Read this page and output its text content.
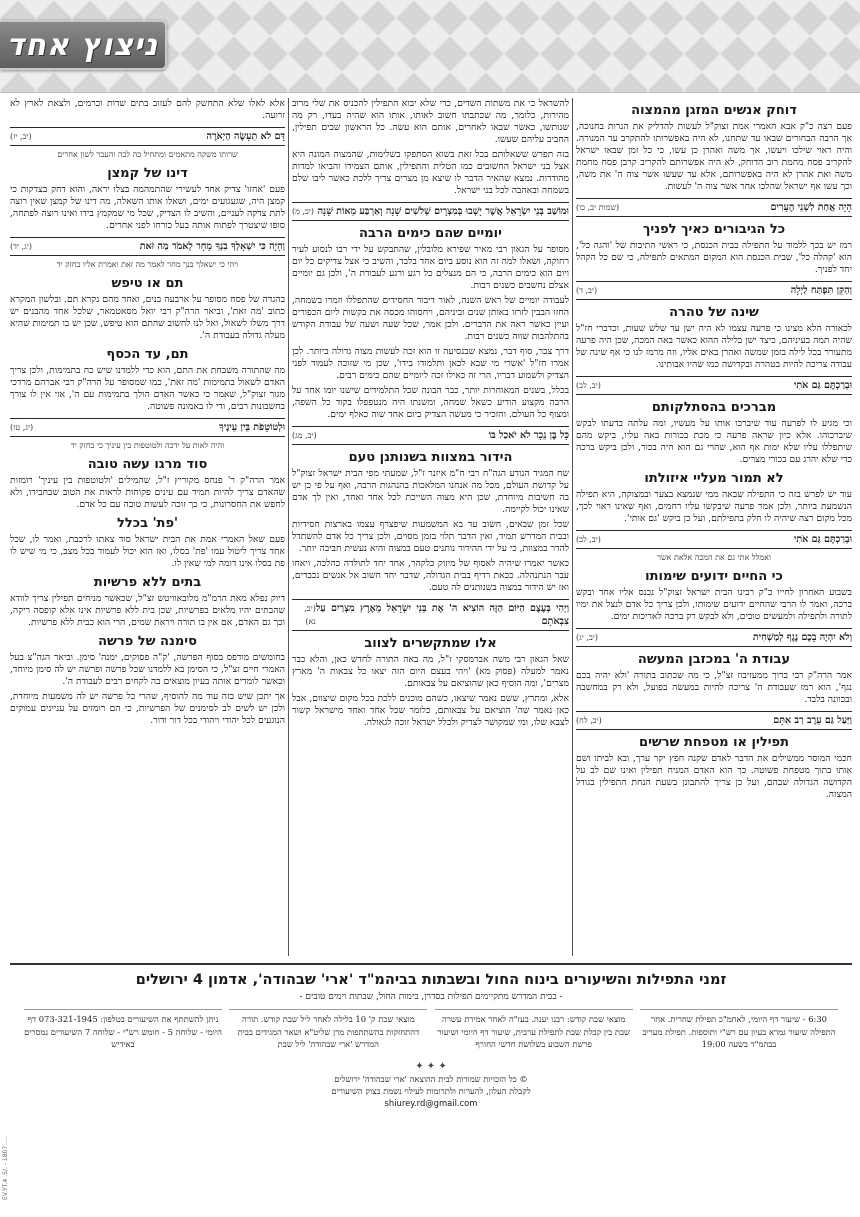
ניצוץ אחד
דוחק אנשים המזגן מהמצוה

פעם רצה כ"ק אבא האמרי אמת זצוק"ל לעשות להדליק את הנרות בחנוכה, אך הרבה הבחורים שבאו עד שתחנו, לא היה באפשרותו להתקרב עד המנורה. והיה ראוי שילכו ויעשו, אך משה ואהרן כן עשו, כי כל זמן שבאו ישראל להקריב פסח מחמת רוב הדוחק, לא היה אפשרותם להקריב קרבן פסח מחמת משה ואת אהרן לא היה באפשרותם, אלא עד שעשו אשר צוה ה' את משה, וכך עשו אף ישראל שהלכו אחר אשר צוה ה' לעשות.

הָיָה אֲחַת לִשְׁנֵי הֶעָרִים
(שמות יב, כו)
כל הגיבורים כאיך לפניך

רמז יש בכך ללמוד על התפילה בבית הכנסת, כי ראשי התיבות של 'והגה כל', הוא 'קהלה כל', שבית הכנסת הוא המקום המתאים לתפילה, כי שם כל הקהל יחד לפניך.

וְהַקֵּן תִּפְתַּח לַיְלָה
(יב, ד)
שינה של טהרה

לכאורה הלא מצינו כי פרעה עצמו לא היה ישן עד שלש שעות, וכדברי חז"ל שהיה תמה בעיניהם, כיצד ישן בלילה ההוא כאשר באה המכה, שכן היה פרעה מתעורר בכל לילה בזמן שמשה ואהרן באים אליו, וזה מרמז לנו כי אף שינה של עבודה צריכה להיות בטהרה ובקדושה כמו שהיו אבותינו.

וּבְרַכְתֶּם גַּם אֹתִי
(יב, לב)
מברכים בהסתלקותם

וכי מגיע לו לפרעה עוד שיברכו אותו על מעשיו, ומה עלתה בדעתו לבקש שיברכוהו. אלא כיון שראה פרעה כי מכת בכורות באה עליו, ביקש מהם שיתפללו עליו שלא ימות אף הוא, שהרי גם הוא היה בכור, ולכן ביקש ברכה כדי שלא יהרג עם בכורי מצרים.

לא תמור מעליי איזולתו

עוד יש לפרש בזה כי התפילה שבאה ממי שנמצא בצער ובמצוקה, היא תפילה הנשמעת ביותר, ולכן אמר פרעה שיבקשו עליו רחמים, ואף שאינו ראוי לכך, מכל מקום רצה שיהיה לו חלק בתפילתם, ועל כן ביקש 'גם אותי'.

וּבְרַכְתֶּם גַּם אֹתִי
(יב, לב)
ואמלל אתי גם את המכה אלאת אשר
כי החיים ידועים שימותו

בשבוע האחרון לחייו כ"ק רבינו הבית ישראל זצוק"ל נכנס אליו אחד ובקש ברכה, ואמר לו הרבי שהחיים ידועים שימותו, ולכן צריך כל אדם לנצל את ימיו לתורה ולתפילה ולמעשים טובים, ולא לבקש רק ברכה לאריכות ימים.

וְלֹא יִהְיֶה בָכֶם נֶגֶף לְמַשְׁחִית
(יב, יג)
עבודת ה' במכזבן המעשה

אמר הרה"ק רבי ברוך ממעזיבוז זצ"ל, כי מה שכתוב בתורה 'ולא יהיה בכם נגף', הוא רמז שעבודת ה' צריכה להיות במעשה בפועל, ולא רק במחשבה ובכוונה בלבד.

וַיַּעַל גַּם עֵרֶב רַב אִתָּם
(יב, לח)
תפילין או מטפחת שרשים

חכמי המוסר ממשילים את הדבר לאדם שקנה חפץ יקר ערך, ובא לביתו ושם אותו בתוך מטפחת פשוטה. כך הוא האדם המניח תפילין ואינו שם לב על הקדושה הגדולה שבהם, ועל כן צריך להתבונן בשעת הנחת התפילין בגודל המצוה.

להשראל כי את משתות השדים, כדי שלא יבוא התפילין להכניס את שלי מרוב מהירות, כלומר, מה שכתבתו חשוב לאותו, אותו הוא שהיה בעדו, רק מה שנותשו, כאשר שבאו לאחרים, אותם הוא עשה. כל הראשון שבים תפילין, החביב עליהם שעשו.

בזה תפרש ששאלותם בכל זאת בשוא הסתפקו בשלימות, שהמצוה המונה היא אצל בני ישראל החשובים כמו הטלית והתפילין, אותם הצמידו והביאו למדות מהודרות. נמצא שהאיר הדבר לו שיצא מן מצרים צריך ללכת כאשר ליבו שלם בשמחה ובאהבה לכל בני ישראל.

וּמוֹשַׁב בְּנֵי יִשְׂרָאֵל אֲשֶׁר יָשְׁבוּ בְּמִצְרָיִם שְׁלֹשִׁים שָׁנָה וְאַרְבַּע מֵאוֹת שָׁנָה
(יב, מ)
יומיים שהם כימים הרבה

מסופר על הגאון רבי מאיר שפירא מלובלין, שהתבקש על ידי רבו לנסוע לעיר רחוקה, ושאלו למה זה הוא נוסע ביום אחד בלבד, והשיב כי אצל צדיקים כל יום ויום הוא כימים הרבה, כי הם מנצלים כל רגע ורגע לעבודת ה', ולכן גם יומיים אצלם נחשבים כשנים רבות.

לעבודה יומיים של ראש השנה, לאור דיבור החסידים שהתפללו וזמרו בשמחה, החזו הבבין לזרזו באותן שנים וביניהם, ויחסוהו מכסה את בקשות ליום הכפורים ועיין כאשר ראה את הדברים. ולכן אמר, שכל שעה ושעה של עבודת הקודש בהתלהבות שווה כשנים רבות.

דרך צבר, סוף דבר, נמצא שבנסיעה זו הוא זכה לעשות מצוה גדולה ביותר. לכן אמרו חז"ל 'אשרי מי שבא לכאן ותלמודו בידו', שכן מי שזוכה לעמוד לפני הצדיק ולשמוע דבריו, הרי זה כאילו זכה ליומיים שהם כימים רבים.

בכלל, בשנים המאוחרות יותר, כבר הבונה שכל התלמידים שישנו יומו אחד על הרבה מקצוע הודיע כשאל שמחה, ומשנתו היה מנטפפלו בקוד כל השפה, ומצוף כל העולם. והזכיר כי מעשה הצדיק ביום אחד שוה כאלף ימים.

כָּל בֶּן נֵכָר לֹא יֹאכַל בּוֹ
(יב, מג)
הידור במצוות בשנותנן טעם

שח המגיד הנודע הגה"ח רבי ח"מ איזנר ז"ל, שמעתי מפי הבית ישראל זצוק"ל על קדושת העולם, מכל מה אנחנו המלאכות בהנהגות הרבה, ואף על פי כן יש בה חשיבות מיוחדת, שכן היא מצוה השייכת לכל אחד ואחד, ואין לך אדם שאינו יכול לקיימה.

שכל זמן שבאים, חשוב עד בא המשמעות שיפצרף עצמו בארצות חסידיות ובבית המדרש תמיד, ואין הדבר תלוי בזמן מסוים, ולכן צריך כל אדם להשתדל להדר במצוות, כי על ידי ההידור נותנים טעם במצוה והיא נעשית חביבה יותר.

כאשר יאמרו שיהיה לאסוף של מיזוק כלקהר, אחד יחד לתולדה כהלכה, ויאחו עבר הנתנהלה. ככאת רדיף בבית הגדולה, שדבר יחד חשוב אל אנשים נכבדים, ואז יש הידור במצוה בשנותנים לה טעם.

וַיְהִי בְּעֶצֶם הַיּוֹם הַזֶּה הוֹצִיא ה' אֶת בְּנֵי יִשְׂרָאֵל מֵאֶרֶץ מִצְרַיִם עַל צִבְאֹתָם
(יב, נא)
אלו שמתקשרים לצווב

שאל הגאון רבי משה אברמסקי ז"ל, מה באה התורה לחדש כאן, והלא כבר נאמר למעלה (פסוק מא) 'ויהי בעצם היום הזה יצאו כל צבאות ה' מארץ מצרים', ומה הוסיף כאן שהוציאם על צבאותם.

אלא, ומתרץ, ששם נאמר שיצאו, כשהם מוכנים ללכת בכל מקום שיצוום, אבל כאן נאמר שה' הוציאם על צבאותם, כלומר שכל אחד ואחד מישראל קשור לצבא שלו, ומי שמקושר לצדיק ולכלל ישראל זוכה לגאולה.

אלא לאלו שלא התחשק להם לעזוב בתים שדות וכרמים, ולצאת לארץ לא זרועה.

דָּם לֹא תֵעָשֶׂה הַיְאֹרֶה
(יב, יז)
שרותו משקה מתאמים ומתחיל כה לבה והעבר לשון אחרים
דינו של קמצן

פעם 'אחזו' צדיק אחד לעשירי שהתמהמה בצלו יראה, והוא דחק בצדקות כי קמצן היה, שגעגועים ימים, ושאלו אותו השאלה, מה דינו של קמצן שאין רוצה לתת צדקה לעניים, והשיב לו הצדיק, שכל מי שמקמץ בידו ואינו רוצה לפתחה, סופו שיצטרך לפתוח אותה בעל כורחו לפני אחרים.

וְהָיָה כִּי יִשְׁאָלְךָ בִנְךָ מָחָר לֵאמֹר מַה זֹּאת
(יג, יד)
ויהי כי ישאלך בנך מחר לאמר מה זאת ואמרת אליו בחזק יד
תם או טיפש

בהגדה של פסח מסופר על ארבעה בנים, ואחד מהם נקרא תם. ובלשון המקרא כתוב 'מה זאת', וביאר הרה"ק רבי יואל מסאטמאר, שלכל אחד מהבנים יש דרך משלו לשאול, ואל לנו לחשוב שהתם הוא טיפש, שכן יש בו תמימות שהיא מעלה גדולה בעבודת ה'.

תם, עד הכסף

מה שהתורה משבחת את התם, הוא כדי ללמדנו שיש כח בתמימות, ולכן צריך האדם לשאול בתמימות 'מה זאת', כמו שמסופר על הרה"ק רבי אברהם מרדכי מגור זצוק"ל, שאמר כי כאשר האדם הולך בתמימות עם ה', אזי אין לו צורך בחשבונות רבים, ודי לו באמונה פשוטה.

וּלְטוֹטָפֹת בֵּין עֵינֶיךָ
(יג, טז)
והיה לאות על ידכה ולטוטפות בין עיניך כי בחזק יד
סוד מרגו עשה טובה

אמר הרה"ק ר' פנחס מקוריץ ז"ל, שהמילים 'ולטוטפות בין עיניך' רומזות שהאדם צריך להיות תמיד עם עינים פקוחות לראות את הטוב שבחבירו, ולא לחפש את החסרונות, כי כך זוכה לעשות טובה עם כל אדם.

'פת' בכלל

פעם שאל האמרי אמת את הבית ישראל סוד צאתו לרכבת, ואמר לו, שכל אחד צריך ליטול עמו 'פת' בסלו, ואז הוא יכול לעמוד בכל מצב, כי מי שיש לו פת בסלו אינו דומה למי שאין לו.

בתים ללא פרשיות

דיוק נפלא מאת הרמ"מ מלובאוויטש זצ"ל, שכאשר מניחים תפילין צריך לוודא שהבתים יהיו מלאים בפרשיות, שכן בית ללא פרשיות אינו אלא קופסה ריקה, וכך גם האדם, אם אין בו תורה ויראת שמים, הרי הוא כבית ללא פרשיות.

סימנה של פרשה

בחומשים מודפס בסוף הפרשה, 'ק"ה פסוקים, ימנה' סימן. וביאר הגה"צ בעל האמרי חיים זצ"ל, כי הסימן בא ללמדנו שכל פרשה ופרשה יש לה סימן מיוחד, וכאשר לומדים אותה בעיון מוצאים בה לקחים רבים לעבודת ה'.

אך יתכן שיש בזה עוד מה להוסיף, שהרי כל פרשה יש לה משמעות מיוחדת, ולכן יש לשים לב לסימנים של הפרשיות, כי הם רומזים על עניינים עמוקים הנוגעים לכל יהודי ויהודי בכל דור ודור.

זמני התפילות והשיעורים בינוח החול ובשבתות בביהמ"ד 'ארי' שבהודה', אדמון 4 ירושלים
- בבית המדרש מתקיימים תפילות בסדרן, בימות החול, שבתות וימים טובים -
6:30 - שיעור דף היומי, לאחמ"כ תפילת שחרית. אחר התפילה שיעור גמרא בעיון עם רש"י ותוספות. תפילת מעריב בבהמ"ד בשעה 19:00
מוצאי שבת קודש: רבנו יענה. בעז"ה לאחר אמירת עשרה שבת בין קבלת שבת לתפילת ערבית, שיעור דף היומי ושיעור פרשת השבוע בשלושת חדשי החורף
מוצאי שבת ק' 10 בלילה לאחר ליל שבת קודש. תורה דהתחזקות בהשתתפות מרן שליט"א ושאר המגידים בבית המדרש 'ארי שבהודה' ליל שבת
ניתן להשתתף את השיעורים בטלפון: 073-321-1945 דף היומי - שלוחה 5 - חומש רש"י - שלוחה 7 השיעורים נמסרים באידיש
✦ ✦ ✦
© כל הזכויות שמורות לבית ההוצאה 'ארי שבהודה' ירושלים
לקבלת העלון, להערות ולתרומות לעילוי נשמת בצוק השיעורים
shiurey.rd@gmail.com
EV.YT.4 .5/. - 1807 ....
